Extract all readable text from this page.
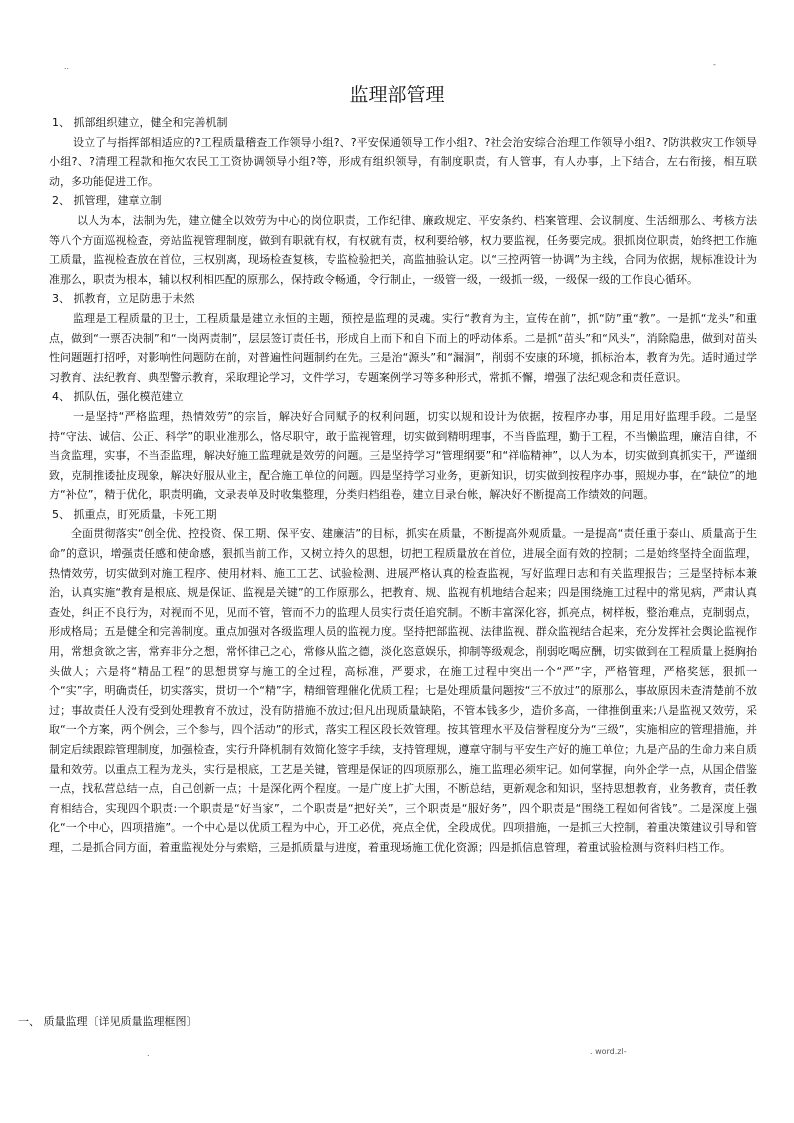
..	-
监理部管理
1、 抓部组织建立，健全和完善机制
设立了与指挥部相适应的?工程质量稽查工作领导小组?、?平安保通领导工作小组?、?社会治安综合治理工作领导小组?、?防洪救灾工作领导小组?、?清理工程款和拖欠农民工工资协调领导小组?等，形成有组织领导，有制度职责，有人管事，有人办事，上下结合，左右衔接，相互联动，多功能促进工作。
2、 抓管理，建章立制
以人为本，法制为先，建立健全以效劳为中心的岗位职责，工作纪律、廉政规定、平安条约、档案管理、会议制度、生活细那么、考核方法等八个方面巡视检查，旁站监视管理制度，做到有职就有权，有权就有责，权利要给够，权力要监视，任务要完成。狠抓岗位职责，始终把工作施工质量，监视检查放在首位，三权别离，现场检查复核，专监检验把关，高监抽验认定。以“三控两管一协调”为主线，合同为依据，规标准设计为准那么，职责为根本，辅以权利相匹配的原那么，保持政令畅通，令行制止，一级管一级，一级抓一级，一级保一级的工作良心循环。
3、 抓教育，立足防患于未然
监理是工程质量的卫士，工程质量是建立永恒的主题，预控是监理的灵魂。实行“教育为主，宣传在前”，抓“防”重“教”。一是抓“龙头”和重点，做到“一票否决制”和“一岗两责制”，层层签订责任书，形成自上而下和自下而上的呼动体系。二是抓“苗头”和“风头”，消除隐患，做到对苗头性问题题打招呼，对影响性问题防在前，对普遍性问题制约在先。三是治“源头”和“漏洞”，削弱不安康的环境，抓标治本，教育为先。适时通过学习教育、法纪教育、典型警示教育，采取理论学习，文件学习，专题案例学习等多种形式，常抓不懈，增强了法纪观念和责任意识。
4、 抓队伍，强化模范建立
一是坚持“严格监理，热情效劳”的宗旨，解决好合同赋予的权利问题，切实以规和设计为依据，按程序办事，用足用好监理手段。二是坚持“守法、诚信、公正、科学”的职业准那么，恪尽职守，敢于监视管理，切实做到精明理事，不当昏监理，勤于工程，不当懒监理，廉洁自律，不当贪监理，实事，不当歪监理，解决好施工监理就是效劳的问题。三是坚持学习“管理纲要”和“祥临精神”，以人为本，切实做到真抓实干，严谨细致，克制推诿扯皮现象，解决好服从业主，配合施工单位的问题。四是坚持学习业务，更新知识，切实做到按程序办事，照规办事，在“缺位”的地方“补位”，精于优化，职责明确，文录表单及时收集整理，分类归档组卷，建立目录台帐，解决好不断提高工作绩效的问题。
5、 抓重点，盯死质量，卡死工期
全面贯彻落实“创全优、控投资、保工期、保平安、建廉洁”的目标，抓实在质量，不断提高外观质量。一是提高“责任重于泰山、质量高于生命”的意识，增强责任感和使命感，狠抓当前工作，又树立持久的思想，切把工程质量放在首位，进展全面有效的控制；二是始终坚持全面监理，热情效劳，切实做到对施工程序、使用材料、施工工艺、试验检测、进展严格认真的检查监视，写好监理日志和有关监理报告；三是坚持标本兼治，认真实施“教育是根底、规是保证、监视是关键”的工作原那么，把教育、规、监视有机地结合起来；四是围绕施工过程中的常见病，严肃认真查处，纠正不良行为，对视而不见，见而不管，管而不力的监理人员实行责任追究制。不断丰富深化容，抓亮点，树样板，整治难点，克制弱点，形成格局；五是健全和完善制度。重点加强对各级监理人员的监视力度。坚持把部监视、法律监视、群众监视结合起来，充分发挥社会舆论监视作用，常想贪欲之害，常弃非分之想，常怀律己之心，常修从监之德，淡化恣意娱乐，抑制等级观念，削弱吃喝应酬，切实做到在工程质量上挺胸抬头做人；六是将“精品工程”的思想贯穿与施工的全过程，高标准，严要求，在施工过程中突出一个“严”字，严格管理，严格奖惩，狠抓一个“实”字，明确责任，切实落实，贯切一个“精”字，精细管理催化优质工程；七是处理质量问题按“三不放过”的原那么，事故原因未查清楚前不放过；事故责任人没有受到处理教育不放过，没有防措施不放过;但凡出现质量缺陷，不管本钱多少，造价多高，一律推倒重来;八是监视又效劳，采取“一个方案，两个例会，三个参与，四个活动”的形式，落实工程区段长效管理。按其管理水平及信誉程度分为“三级”，实施相应的管理措施，并制定后续跟踪管理制度，加强检查，实行升降机制有效简化签字手续，支持管理规，遵章守制与平安生产好的施工单位；九是产品的生命力来自质量和效劳。以重点工程为龙头，实行是根底，工艺是关键，管理是保证的四项原那么，施工监理必须牢记。如何掌握，向外企学一点，从国企借鉴一点，找私营总结一点，自己创新一点；十是深化两个程度。一是广度上扩大围，不断总结，更新观念和知识，坚持思想教育，业务教育，责任教育相结合，实现四个职责:一个职责是“好当家”，二个职责是“把好关”，三个职责是“服好务”，四个职责是“围绕工程如何省钱”。二是深度上强化“一个中心，四项措施”。一个中心是以优质工程为中心，开工必优，亮点全优，全段成优。四项措施，一是抓三大控制，着重决策建议引导和管理，二是抓合同方面，着重监视处分与索赔，三是抓质量与进度，着重现场施工优化资源；四是抓信息管理，着重试验检测与资料归档工作。
一、 质量监理〔详见质量监理框图〕
.	. word.zl-
